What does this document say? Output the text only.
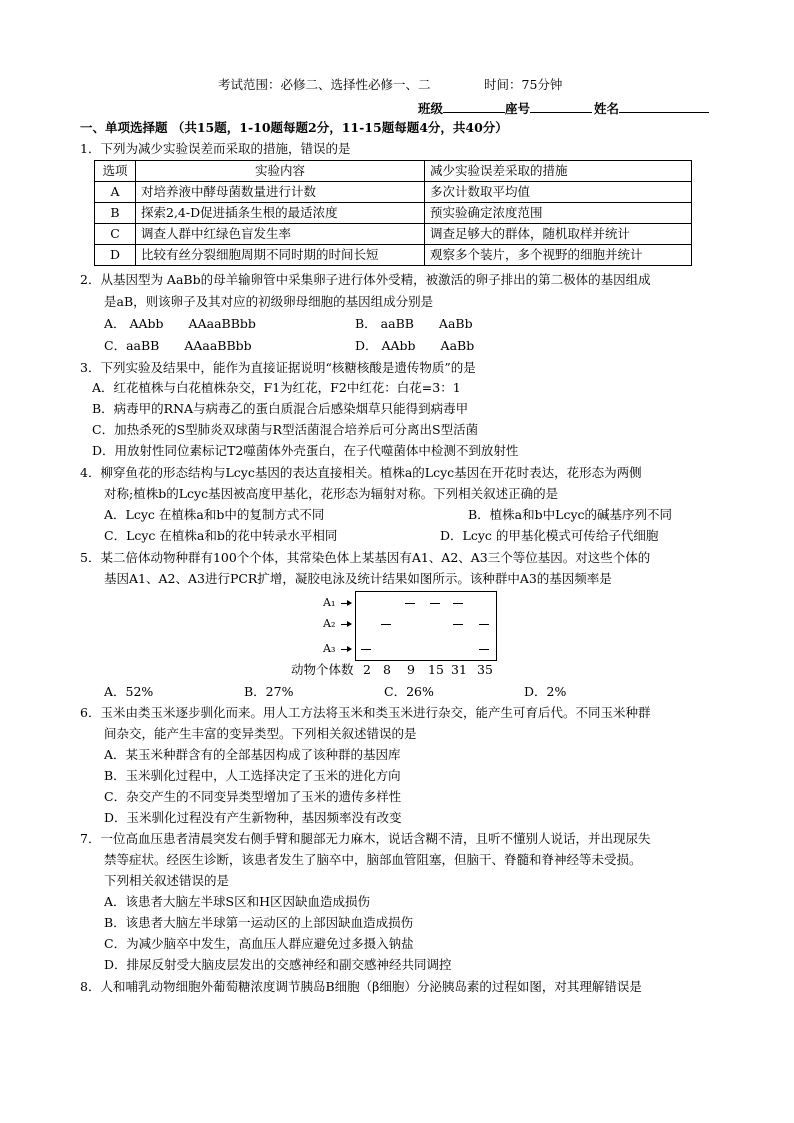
考试范围：必修二、选择性必修一、二	时间：75分钟
班级	座号	姓名
一、单项选择题 （共15题，1-10题每题2分，11-15题每题4分，共40分）
1．下列为减少实验误差而采取的措施，错误的是
选项	实验内容	减少实验误差采取的措施
A	对培养液中酵母菌数量进行计数	多次计数取平均值
B	探索2,4-D促进插条生根的最适浓度	预实验确定浓度范围
C	调查人群中红绿色盲发生率	调查足够大的群体，随机取样并统计
D	比较有丝分裂细胞周期不同时期的时间长短	观察多个装片，多个视野的细胞并统计
2．从基因型为 AaBb的母羊输卵管中采集卵子进行体外受精，被激活的卵子排出的第二极体的基因组成
是aB，则该卵子及其对应的初级卵母细胞的基因组成分别是
A． AAbb　　AAaaBBbb	B． aaBB　　AaBb
C．aaBB　　AAaaBBbb	D． AAbb　　AaBb
3．下列实验及结果中，能作为直接证据说明“核糖核酸是遗传物质”的是
A．红花植株与白花植株杂交，F1为红花，F2中红花：白花=3：1
B．病毒甲的RNA与病毒乙的蛋白质混合后感染烟草只能得到病毒甲
C．加热杀死的S型肺炎双球菌与R型活菌混合培养后可分离出S型活菌
D．用放射性同位素标记T2噬菌体外壳蛋白，在子代噬菌体中检测不到放射性
4．柳穿鱼花的形态结构与Lcyc基因的表达直接相关。植株a的Lcyc基因在开花时表达，花形态为两侧
对称;植株b的Lcyc基因被高度甲基化，花形态为辐射对称。下列相关叙述正确的是
A．Lcyc 在植株a和b中的复制方式不同	B．植株a和b中Lcyc的碱基序列不同
C．Lcyc 在植株a和b的花中转录水平相同	D．Lcyc 的甲基化模式可传给子代细胞
5．某二倍体动物种群有100个个体，其常染色体上某基因有A1、A2、A3三个等位基因。对这些个体的
基因A1、A2、A3进行PCR扩增，凝胶电泳及统计结果如图所示。该种群中A3的基因频率是
A₁
A₂
A₃
动物个体数 2 8 9 15 31 35
A．52%	B．27%	C．26%	D．2%
6．玉米由类玉米逐步驯化而来。用人工方法将玉米和类玉米进行杂交，能产生可育后代。不同玉米种群
间杂交，能产生丰富的变异类型。下列相关叙述错误的是
A．某玉米种群含有的全部基因构成了该种群的基因库
B．玉米驯化过程中，人工选择决定了玉米的进化方向
C．杂交产生的不同变异类型增加了玉米的遗传多样性
D．玉米驯化过程没有产生新物种，基因频率没有改变
7．一位高血压患者清晨突发右侧手臂和腿部无力麻木，说话含糊不清，且听不懂别人说话，并出现尿失
禁等症状。经医生诊断，该患者发生了脑卒中，脑部血管阻塞，但脑干、脊髓和脊神经等未受损。
下列相关叙述错误的是
A．该患者大脑左半球S区和H区因缺血造成损伤
B．该患者大脑左半球第一运动区的上部因缺血造成损伤
C．为减少脑卒中发生，高血压人群应避免过多摄入钠盐
D．排尿反射受大脑皮层发出的交感神经和副交感神经共同调控
8．人和哺乳动物细胞外葡萄糖浓度调节胰岛B细胞（β细胞）分泌胰岛素的过程如图，对其理解错误是
